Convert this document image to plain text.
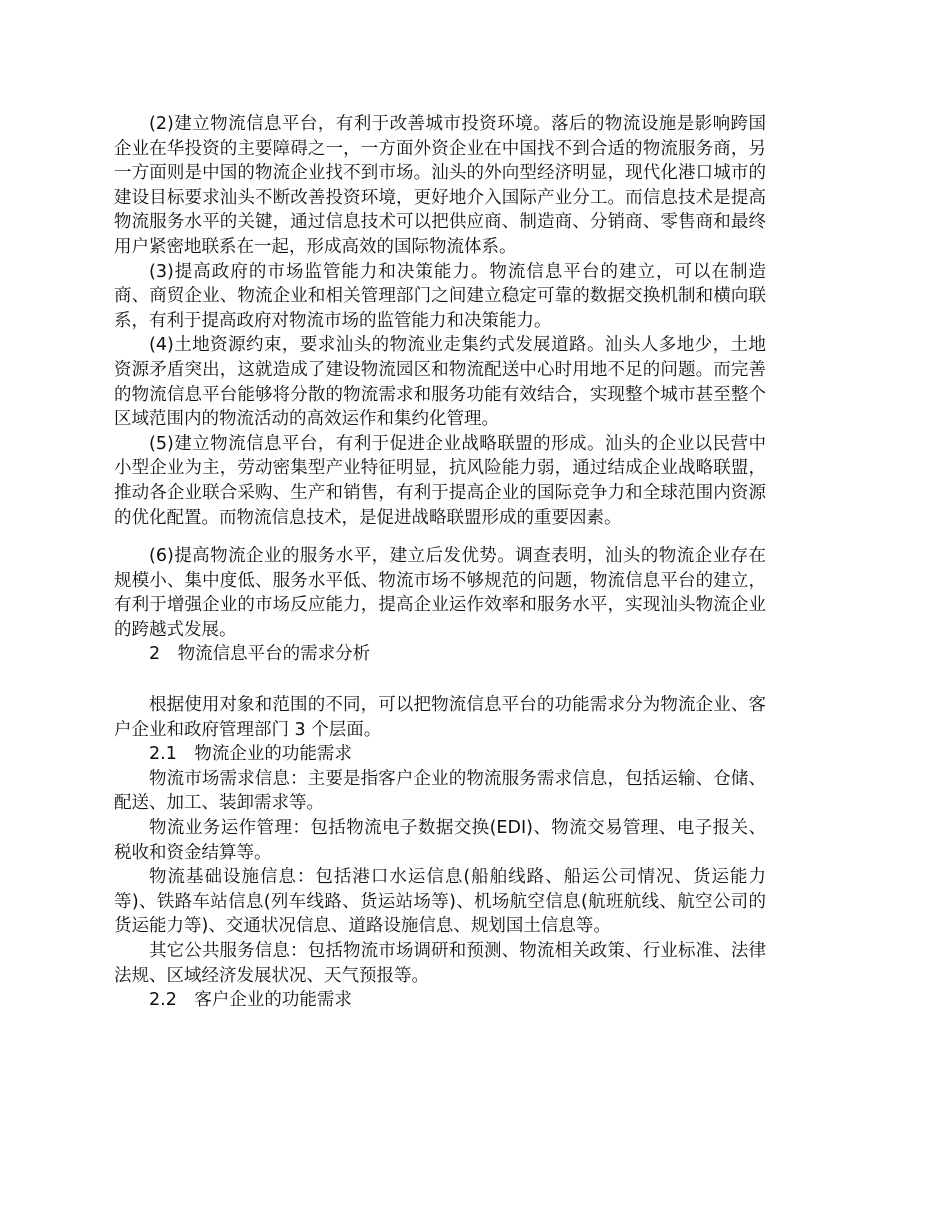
(2)建立物流信息平台，有利于改善城市投资环境。落后的物流设施是影响跨国企业在华投资的主要障碍之一，一方面外资企业在中国找不到合适的物流服务商，另一方面则是中国的物流企业找不到市场。汕头的外向型经济明显，现代化港口城市的建设目标要求汕头不断改善投资环境，更好地介入国际产业分工。而信息技术是提高物流服务水平的关键，通过信息技术可以把供应商、制造商、分销商、零售商和最终用户紧密地联系在一起，形成高效的国际物流体系。

(3)提高政府的市场监管能力和决策能力。物流信息平台的建立，可以在制造商、商贸企业、物流企业和相关管理部门之间建立稳定可靠的数据交换机制和横向联系，有利于提高政府对物流市场的监管能力和决策能力。

(4)土地资源约束，要求汕头的物流业走集约式发展道路。汕头人多地少，土地资源矛盾突出，这就造成了建设物流园区和物流配送中心时用地不足的问题。而完善的物流信息平台能够将分散的物流需求和服务功能有效结合，实现整个城市甚至整个区域范围内的物流活动的高效运作和集约化管理。

(5)建立物流信息平台，有利于促进企业战略联盟的形成。汕头的企业以民营中小型企业为主，劳动密集型产业特征明显，抗风险能力弱，通过结成企业战略联盟，推动各企业联合采购、生产和销售，有利于提高企业的国际竞争力和全球范围内资源的优化配置。而物流信息技术，是促进战略联盟形成的重要因素。

(6)提高物流企业的服务水平，建立后发优势。调查表明，汕头的物流企业存在规模小、集中度低、服务水平低、物流市场不够规范的问题，物流信息平台的建立，有利于增强企业的市场反应能力，提高企业运作效率和服务水平，实现汕头物流企业的跨越式发展。

2　物流信息平台的需求分析

根据使用对象和范围的不同，可以把物流信息平台的功能需求分为物流企业、客户企业和政府管理部门 3 个层面。

2.1　物流企业的功能需求

物流市场需求信息：主要是指客户企业的物流服务需求信息，包括运输、仓储、配送、加工、装卸需求等。

物流业务运作管理：包括物流电子数据交换(EDI)、物流交易管理、电子报关、税收和资金结算等。

物流基础设施信息：包括港口水运信息(船舶线路、船运公司情况、货运能力等)、铁路车站信息(列车线路、货运站场等)、机场航空信息(航班航线、航空公司的货运能力等)、交通状况信息、道路设施信息、规划国土信息等。

其它公共服务信息：包括物流市场调研和预测、物流相关政策、行业标准、法律法规、区域经济发展状况、天气预报等。

2.2　客户企业的功能需求
